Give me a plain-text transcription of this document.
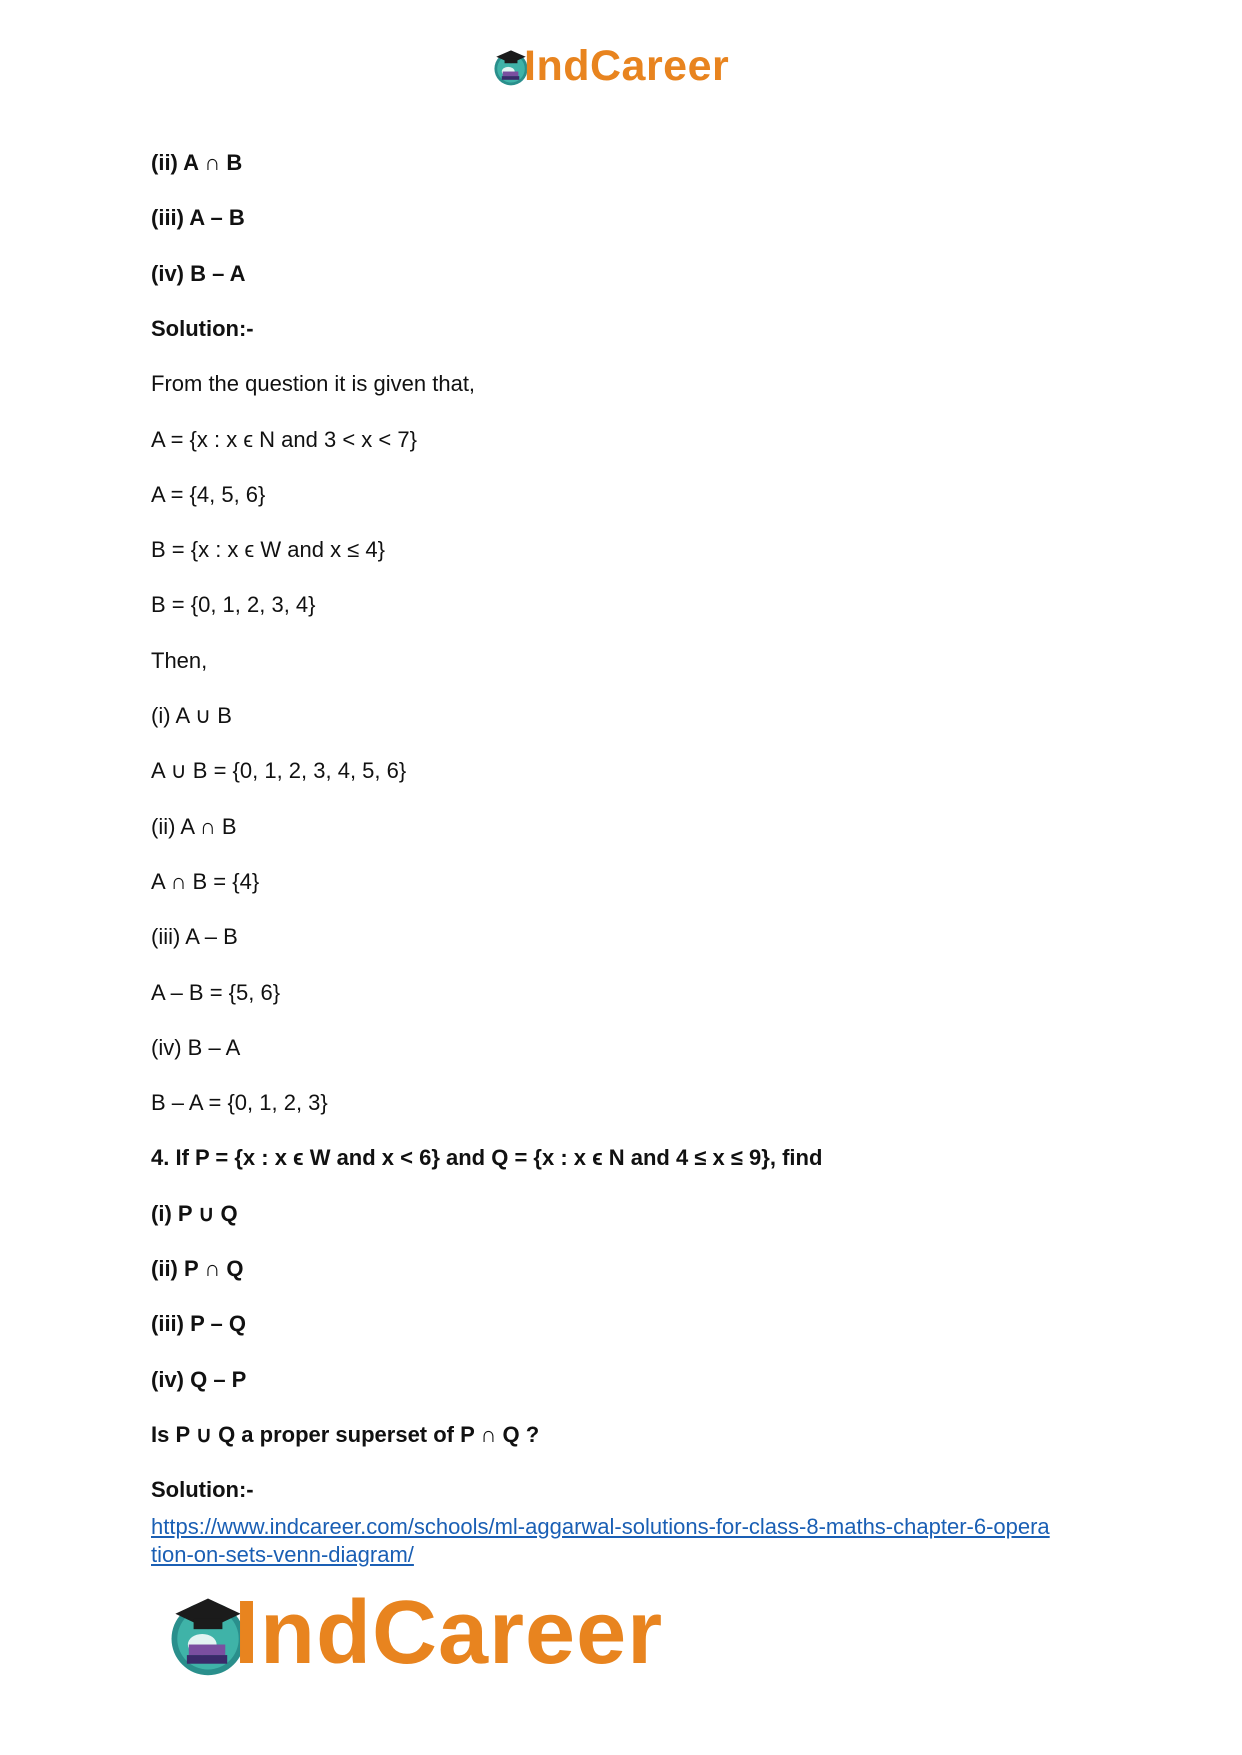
IndCareer
(ii) A ∩ B
(iii) A – B
(iv) B – A
Solution:-
From the question it is given that,
A = {x : x ϵ N and 3 < x < 7}
A = {4, 5, 6}
B = {x : x ϵ W and x ≤ 4}
B = {0, 1, 2, 3, 4}
Then,
(i) A ∪ B
A ∪ B = {0, 1, 2, 3, 4, 5, 6}
(ii) A ∩ B
A ∩ B = {4}
(iii) A – B
A – B = {5, 6}
(iv) B – A
B – A = {0, 1, 2, 3}
4. If P = {x : x ϵ W and x < 6} and Q = {x : x ϵ N and 4 ≤ x ≤ 9}, find
(i) P ∪ Q
(ii) P ∩ Q
(iii) P – Q
(iv) Q – P
Is P ∪ Q a proper superset of P ∩ Q ?
Solution:-
https://www.indcareer.com/schools/ml-aggarwal-solutions-for-class-8-maths-chapter-6-opera
tion-on-sets-venn-diagram/
IndCareer
